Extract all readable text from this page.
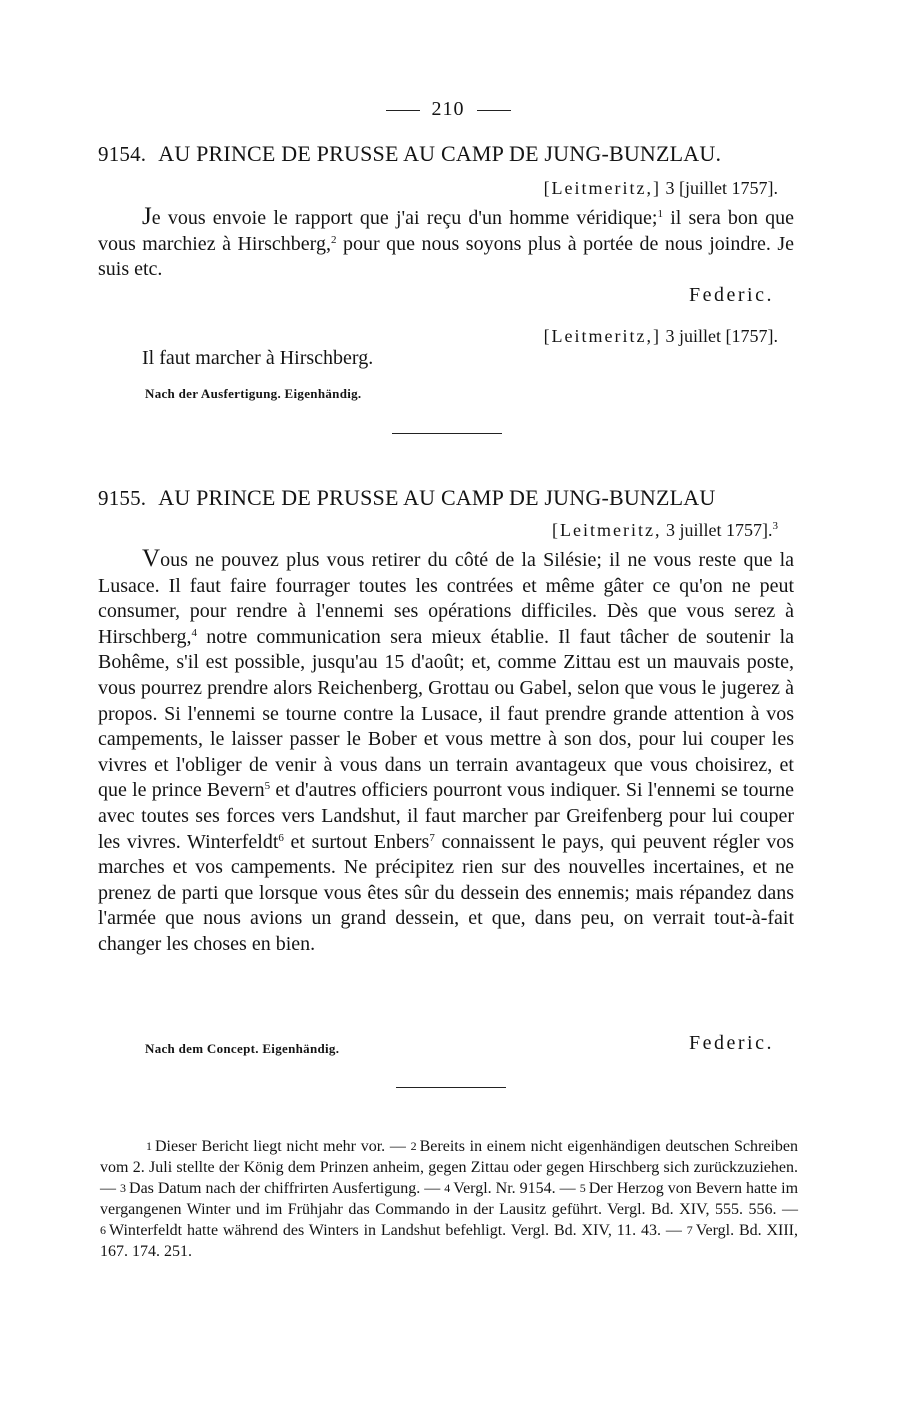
210
9154. AU PRINCE DE PRUSSE AU CAMP DE JUNG-BUNZLAU.
[Leitmeritz,] 3 [juillet 1757].

Je vous envoie le rapport que j'ai reçu d'un homme véridique;$^1$ il sera bon que vous marchiez à Hirschberg,$^2$ pour que nous soyons plus à portée de nous joindre. Je suis etc.

Federic.
[Leitmeritz,] 3 juillet [1757].
Il faut marcher à Hirschberg.
Nach der Ausfertigung. Eigenhändig.
9155. AU PRINCE DE PRUSSE AU CAMP DE JUNG-BUNZLAU
[Leitmeritz, 3 juillet 1757].$^3$

Vous ne pouvez plus vous retirer du côté de la Silésie; il ne vous reste que la Lusace. Il faut faire fourrager toutes les contrées et même gâter ce qu'on ne peut consumer, pour rendre à l'ennemi ses opérations difficiles. Dès que vous serez à Hirschberg,$^4$ notre communication sera mieux établie. Il faut tâcher de soutenir la Bohême, s'il est possible, jusqu'au 15 d'août; et, comme Zittau est un mauvais poste, vous pourrez prendre alors Reichenberg, Grottau ou Gabel, selon que vous le jugerez à propos. Si l'ennemi se tourne contre la Lusace, il faut prendre grande attention à vos campements, le laisser passer le Bober et vous mettre à son dos, pour lui couper les vivres et l'obliger de venir à vous dans un terrain avantageux que vous choisirez, et que le prince Bevern$^5$ et d'autres officiers pourront vous indiquer. Si l'ennemi se tourne avec toutes ses forces vers Landshut, il faut marcher par Greifenberg pour lui couper les vivres. Winterfeldt$^6$ et surtout Enbers$^7$ connaissent le pays, qui peuvent régler vos marches et vos campements. Ne précipitez rien sur des nouvelles incertaines, et ne prenez de parti que lorsque vous êtes sûr du dessein des ennemis; mais répandez dans l'armée que nous avions un grand dessein, et que, dans peu, on verrait tout-à-fait changer les choses en bien.

Nach dem Concept. Eigenhändig.	Federic.

1 Dieser Bericht liegt nicht mehr vor. — 2 Bereits in einem nicht eigenhändigen deutschen Schreiben vom 2. Juli stellte der König dem Prinzen anheim, gegen Zittau oder gegen Hirschberg sich zurückzuziehen. — 3 Das Datum nach der chiffrirten Ausfertigung. — 4 Vergl. Nr. 9154. — 5 Der Herzog von Bevern hatte im vergangenen Winter und im Frühjahr das Commando in der Lausitz geführt. Vergl. Bd. XIV, 555. 556. — 6 Winterfeldt hatte während des Winters in Landshut befehligt. Vergl. Bd. XIV, 11. 43. — 7 Vergl. Bd. XIII, 167. 174. 251.
